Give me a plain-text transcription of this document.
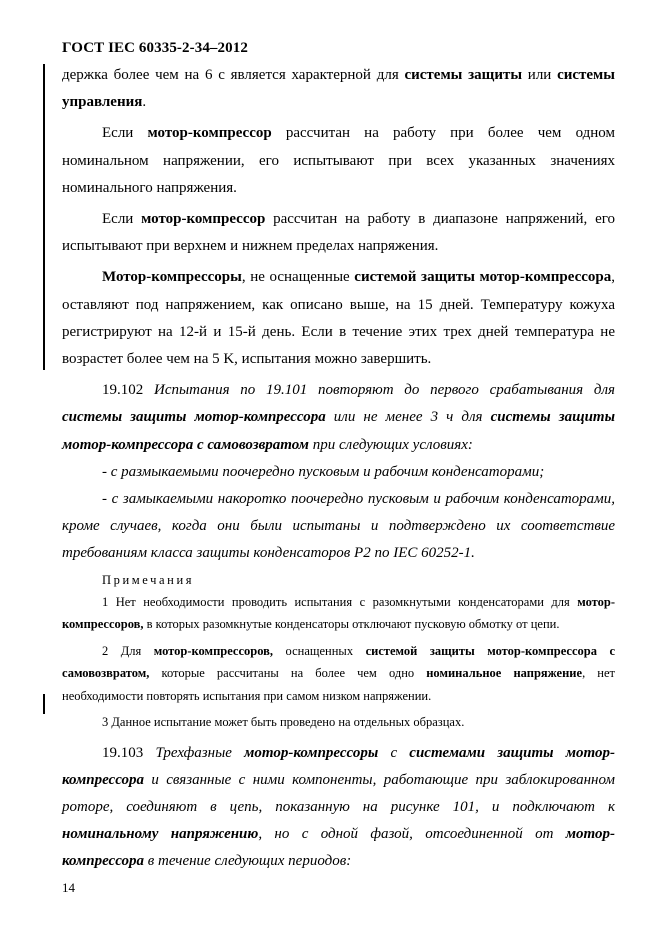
ГОСТ IEC 60335-2-34–2012

держка более чем на 6 с является характерной для системы защиты или системы управления.

Если мотор-компрессор рассчитан на работу при более чем одном номинальном напряжении, его испытывают при всех указанных значениях номинального напряжения.

Если мотор-компрессор рассчитан на работу в диапазоне напряжений, его испытывают при верхнем и нижнем пределах напряжения.

Мотор-компрессоры, не оснащенные системой защиты мотор-компрессора, оставляют под напряжением, как описано выше, на 15 дней. Температуру кожуха регистрируют на 12-й и 15-й день. Если в течение этих трех дней температура не возрастет более чем на 5 K, испытания можно завершить.

19.102 Испытания по 19.101 повторяют до первого срабатывания для системы защиты мотор-компрессора или не менее 3 ч для системы защиты мотор-компрессора с самовозвратом при следующих условиях:

- с размыкаемыми поочередно пусковым и рабочим конденсаторами;

- с замыкаемыми накоротко поочередно пусковым и рабочим конденсаторами, кроме случаев, когда они были испытаны и подтверждено их соответствие требованиям класса защиты конденсаторов P2 по IEC 60252-1.

Примечания

1 Нет необходимости проводить испытания с разомкнутыми конденсаторами для мотор-компрессоров, в которых разомкнутые конденсаторы отключают пусковую обмотку от цепи.

2 Для мотор-компрессоров, оснащенных системой защиты мотор-компрессора с самовозвратом, которые рассчитаны на более чем одно номинальное напряжение, нет необходимости повторять испытания при самом низком напряжении.

3 Данное испытание может быть проведено на отдельных образцах.

19.103 Трехфазные мотор-компрессоры с системами защиты мотор-компрессора и связанные с ними компоненты, работающие при заблокированном роторе, соединяют в цепь, показанную на рисунке 101, и подключают к номинальному напряжению, но с одной фазой, отсоединенной от мотор-компрессора в течение следующих периодов:

14
